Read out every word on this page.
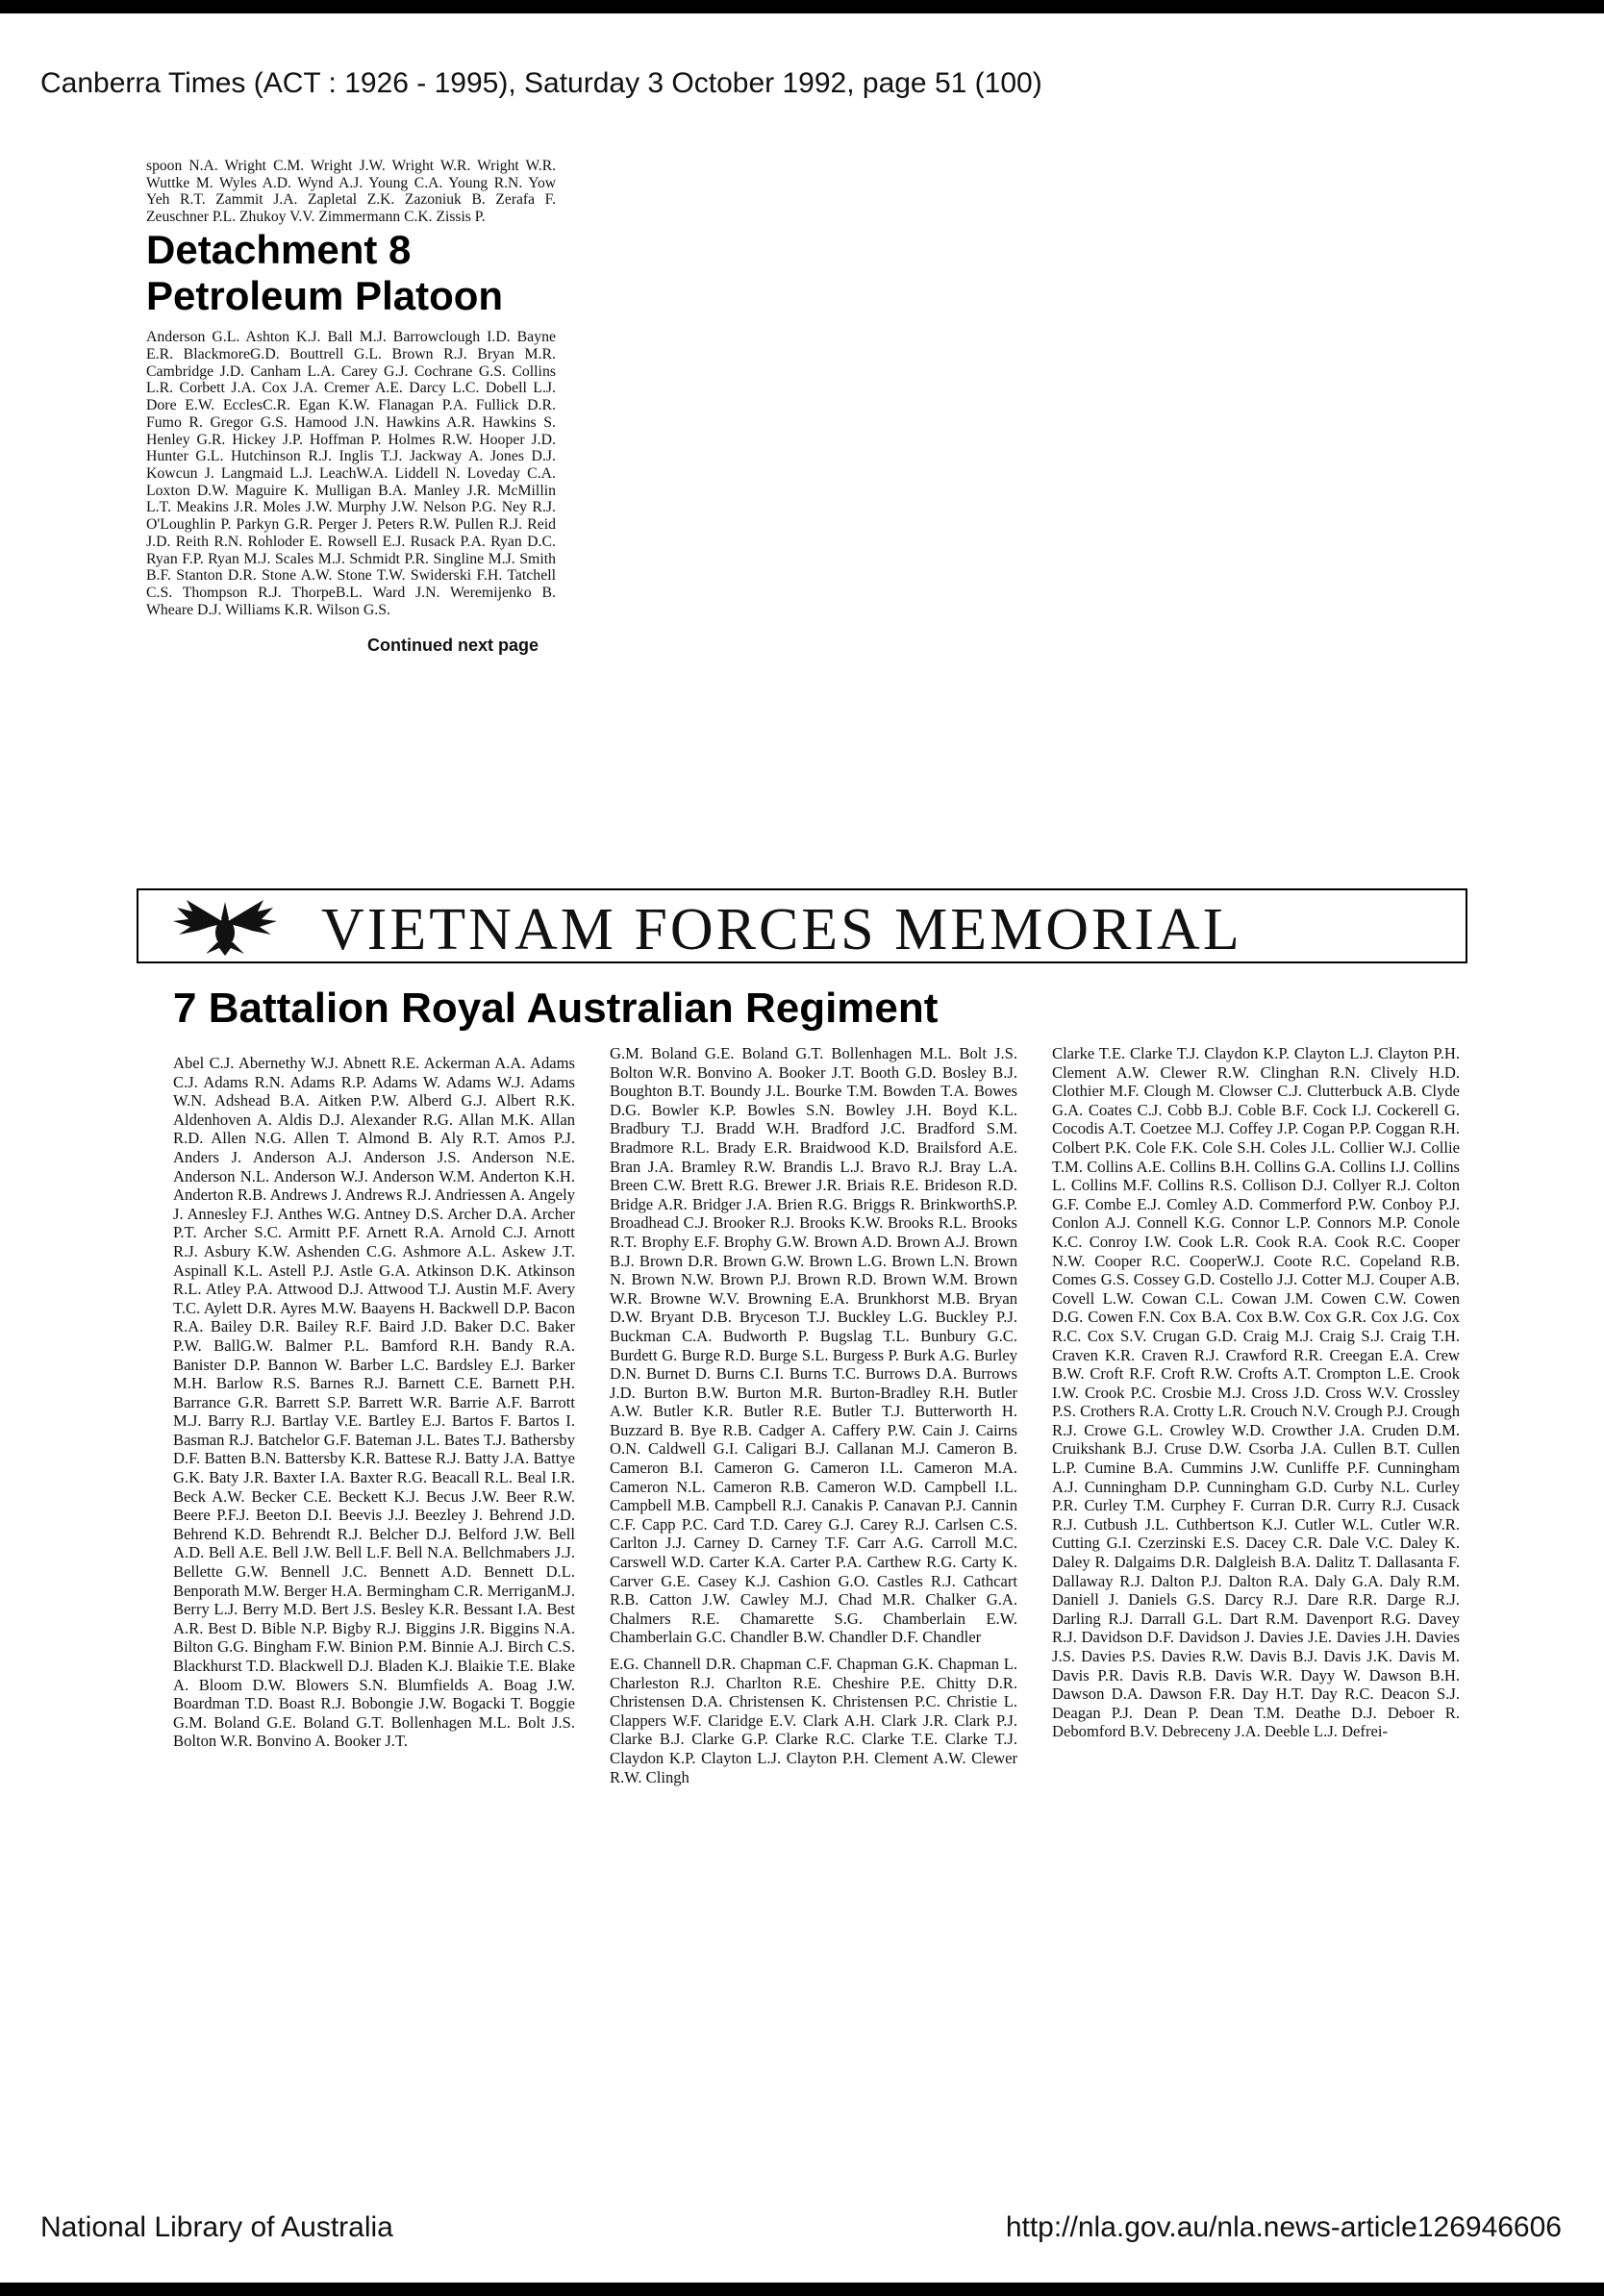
Canberra Times (ACT : 1926 - 1995), Saturday 3 October 1992, page 51 (100)

spoon N.A. Wright C.M. Wright J.W. Wright W.R. Wright W.R. Wuttke M. Wyles A.D. Wynd A.J. Young C.A. Young R.N. Yow Yeh R.T. Zammit J.A. Zapletal Z.K. Zazoniuk B. Zerafa F. Zeuschner P.L. Zhukoy V.V. Zimmermann C.K. Zissis P.

Detachment 8 Petroleum Platoon

Anderson G.L. Ashton K.J. Ball M.J. Barrowclough I.D. Bayne E.R. BlackmoreG.D. Bouttrell G.L. Brown R.J. Bryan M.R. Cambridge J.D. Canham L.A. Carey G.J. Cochrane G.S. Collins L.R. Corbett J.A. Cox J.A. Cremer A.E. Darcy L.C. Dobell L.J. Dore E.W. EcclesC.R. Egan K.W. Flanagan P.A. Fullick D.R. Fumo R. Gregor G.S. Hamood J.N. Hawkins A.R. Hawkins S. Henley G.R. Hickey J.P. Hoffman P. Holmes R.W. Hooper J.D. Hunter G.L. Hutchinson R.J. Inglis T.J. Jackway A. Jones D.J. Kowcun J. Langmaid L.J. LeachW.A. Liddell N. Loveday C.A. Loxton D.W. Maguire K. Mulligan B.A. Manley J.R. McMillin L.T. Meakins J.R. Moles J.W. Murphy J.W. Nelson P.G. Ney R.J. O'Loughlin P. Parkyn G.R. Perger J. Peters R.W. Pullen R.J. Reid J.D. Reith R.N. Rohloder E. Rowsell E.J. Rusack P.A. Ryan D.C. Ryan F.P. Ryan M.J. Scales M.J. Schmidt P.R. Singline M.J. Smith B.F. Stanton D.R. Stone A.W. Stone T.W. Swiderski F.H. Tatchell C.S. Thompson R.J. ThorpeB.L. Ward J.N. Weremijenko B. Wheare D.J. Williams K.R. Wilson G.S.

Continued next page
VIETNAM FORCES MEMORIAL
7 Battalion Royal Australian Regiment

Abel C.J. Abernethy W.J. Abnett R.E. Ackerman A.A. Adams C.J. Adams R.N. Adams R.P. Adams W. Adams W.J. Adams W.N. Adshead B.A. Aitken P.W. Alberd G.J. Albert R.K. Aldenhoven A. Aldis D.J. Alexander R.G. Allan M.K. Allan R.D. Allen N.G. Allen T. Almond B. Aly R.T. Amos P.J. Anders J. Anderson A.J. Anderson J.S. Anderson N.E. Anderson N.L. Anderson W.J. Anderson W.M. Anderton K.H. Anderton R.B. Andrews J. Andrews R.J. Andriessen A. Angely J. Annesley F.J. Anthes W.G. Antney D.S. Archer D.A. Archer P.T. Archer S.C. Armitt P.F. Arnett R.A. Arnold C.J. Arnott R.J. Asbury K.W. Ashenden C.G. Ashmore A.L. Askew J.T. Aspinall K.L. Astell P.J. Astle G.A. Atkinson D.K. Atkinson R.L. Atley P.A. Attwood D.J. Attwood T.J. Austin M.F. Avery T.C. Aylett D.R. Ayres M.W. Baayens H. Backwell D.P. Bacon R.A. Bailey D.R. Bailey R.F. Baird J.D. Baker D.C. Baker P.W. BallG.W. Balmer P.L. Bamford R.H. Bandy R.A. Banister D.P. Bannon W. Barber L.C. Bardsley E.J. Barker M.H. Barlow R.S. Barnes R.J. Barnett C.E. Barnett P.H. Barrance G.R. Barrett S.P. Barrett W.R. Barrie A.F. Barrott M.J. Barry R.J. Bartlay V.E. Bartley E.J. Bartos F. Bartos I. Basman R.J. Batchelor G.F. Bateman J.L. Bates T.J. Bathersby D.F. Batten B.N. Battersby K.R. Battese R.J. Batty J.A. Battye G.K. Baty J.R. Baxter I.A. Baxter R.G. Beacall R.L. Beal I.R. Beck A.W. Becker C.E. Beckett K.J. Becus J.W. Beer R.W. Beere P.F.J. Beeton D.I. Beevis J.J. Beezley J. Behrend J.D. Behrend K.D. Behrendt R.J. Belcher D.J. Belford J.W. Bell A.D. Bell A.E. Bell J.W. Bell L.F. Bell N.A. Bellchmabers J.J. Bellette G.W. Bennell J.C. Bennett A.D. Bennett D.L. Benporath M.W. Berger H.A. Bermingham C.R. MerriganM.J. Berry L.J. Berry M.D. Bert J.S. Besley K.R. Bessant I.A. Best A.R. Best D. Bible N.P. Bigby R.J. Biggins J.R. Biggins N.A. Bilton G.G. Bingham F.W. Binion P.M. Binnie A.J. Birch C.S. Blackhurst T.D. Blackwell D.J. Bladen K.J. Blaikie T.E. Blake A. Bloom D.W. Blowers S.N. Blumfields A. Boag J.W. Boardman T.D. Boast R.J. Bobongie J.W. Bogacki T. Boggie G.M. Boland G.E. Boland G.T. Bollenhagen M.L. Bolt J.S. Bolton W.R. Bonvino A. Booker J.T.

G.M. Boland G.E. Boland G.T. Bollenhagen M.L. Bolt J.S. Bolton W.R. Bonvino A. Booker J.T. Booth G.D. Bosley B.J. Boughton B.T. Boundy J.L. Bourke T.M. Bowden T.A. Bowes D.G. Bowler K.P. Bowles S.N. Bowley J.H. Boyd K.L. Bradbury T.J. Bradd W.H. Bradford J.C. Bradford S.M. Bradmore R.L. Brady E.R. Braidwood K.D. Brailsford A.E. Bran J.A. Bramley R.W. Brandis L.J. Bravo R.J. Bray L.A. Breen C.W. Brett R.G. Brewer J.R. Briais R.E. Brideson R.D. Bridge A.R. Bridger J.A. Brien R.G. Briggs R. BrinkworthS.P. Broadhead C.J. Brooker R.J. Brooks K.W. Brooks R.L. Brooks R.T. Brophy E.F. Brophy G.W. Brown A.D. Brown A.J. Brown B.J. Brown D.R. Brown G.W. Brown L.G. Brown L.N. Brown N. Brown N.W. Brown P.J. Brown R.D. Brown W.M. Brown W.R. Browne W.V. Browning E.A. Brunkhorst M.B. Bryan D.W. Bryant D.B. Bryceson T.J. Buckley L.G. Buckley P.J. Buckman C.A. Budworth P. Bugslag T.L. Bunbury G.C. Burdett G. Burge R.D. Burge S.L. Burgess P. Burk A.G. Burley D.N. Burnet D. Burns C.I. Burns T.C. Burrows D.A. Burrows J.D. Burton B.W. Burton M.R. Burton-Bradley R.H. Butler A.W. Butler K.R. Butler R.E. Butler T.J. Butterworth H. Buzzard B. Bye R.B. Cadger A. Caffery P.W. Cain J. Cairns O.N. Caldwell G.I. Caligari B.J. Callanan M.J. Cameron B. Cameron B.I. Cameron G. Cameron I.L. Cameron M.A. Cameron N.L. Cameron R.B. Cameron W.D. Campbell I.L. Campbell M.B. Campbell R.J. Canakis P. Canavan P.J. Cannin C.F. Capp P.C. Card T.D. Carey G.J. Carey R.J. Carlsen C.S. Carlton J.J. Carney D. Carney T.F. Carr A.G. Carroll M.C. Carswell W.D. Carter K.A. Carter P.A. Carthew R.G. Carty K. Carver G.E. Casey K.J. Cashion G.O. Castles R.J. Cathcart R.B. Catton J.W. Cawley M.J. Chad M.R. Chalker G.A. Chalmers R.E. Chamarette S.G. Chamberlain E.W. Chamberlain G.C. Chandler B.W. Chandler D.F. Chandler

E.G. Channell D.R. Chapman C.F. Chapman G.K. Chapman L. Charleston R.J. Charlton R.E. Cheshire P.E. Chitty D.R. Christensen D.A. Christensen K. Christensen P.C. Christie L. Clappers W.F. Claridge E.V. Clark A.H. Clark J.R. Clark P.J. Clarke B.J. Clarke G.P. Clarke R.C. Clarke T.E. Clarke T.J. Claydon K.P. Clayton L.J. Clayton P.H. Clement A.W. Clewer R.W. Clingh

Clarke T.E. Clarke T.J. Claydon K.P. Clayton L.J. Clayton P.H. Clement A.W. Clewer R.W. Clinghan R.N. Clively H.D. Clothier M.F. Clough M. Clowser C.J. Clutterbuck A.B. Clyde G.A. Coates C.J. Cobb B.J. Coble B.F. Cock I.J. Cockerell G. Cocodis A.T. Coetzee M.J. Coffey J.P. Cogan P.P. Coggan R.H. Colbert P.K. Cole F.K. Cole S.H. Coles J.L. Collier W.J. Collie T.M. Collins A.E. Collins B.H. Collins G.A. Collins I.J. Collins L. Collins M.F. Collins R.S. Collison D.J. Collyer R.J. Colton G.F. Combe E.J. Comley A.D. Commerford P.W. Conboy P.J. Conlon A.J. Connell K.G. Connor L.P. Connors M.P. Conole K.C. Conroy I.W. Cook L.R. Cook R.A. Cook R.C. Cooper N.W. Cooper R.C. CooperW.J. Coote R.C. Copeland R.B. Comes G.S. Cossey G.D. Costello J.J. Cotter M.J. Couper A.B. Covell L.W. Cowan C.L. Cowan J.M. Cowen C.W. Cowen D.G. Cowen F.N. Cox B.A. Cox B.W. Cox G.R. Cox J.G. Cox R.C. Cox S.V. Crugan G.D. Craig M.J. Craig S.J. Craig T.H. Craven K.R. Craven R.J. Crawford R.R. Creegan E.A. Crew B.W. Croft R.F. Croft R.W. Crofts A.T. Crompton L.E. Crook I.W. Crook P.C. Crosbie M.J. Cross J.D. Cross W.V. Crossley P.S. Crothers R.A. Crotty L.R. Crouch N.V. Crough P.J. Crough R.J. Crowe G.L. Crowley W.D. Crowther J.A. Cruden D.M. Cruikshank B.J. Cruse D.W. Csorba J.A. Cullen B.T. Cullen L.P. Cumine B.A. Cummins J.W. Cunliffe P.F. Cunningham A.J. Cunningham D.P. Cunningham G.D. Curby N.L. Curley P.R. Curley T.M. Curphey F. Curran D.R. Curry R.J. Cusack R.J. Cutbush J.L. Cuthbertson K.J. Cutler W.L. Cutler W.R. Cutting G.I. Czerzinski E.S. Dacey C.R. Dale V.C. Daley K. Daley R. Dalgaims D.R. Dalgleish B.A. Dalitz T. Dallasanta F. Dallaway R.J. Dalton P.J. Dalton R.A. Daly G.A. Daly R.M. Daniell J. Daniels G.S. Darcy R.J. Dare R.R. Darge R.J. Darling R.J. Darrall G.L. Dart R.M. Davenport R.G. Davey R.J. Davidson D.F. Davidson J. Davies J.E. Davies J.H. Davies J.S. Davies P.S. Davies R.W. Davis B.J. Davis J.K. Davis M. Davis P.R. Davis R.B. Davis W.R. Dayy W. Dawson B.H. Dawson D.A. Dawson F.R. Day H.T. Day R.C. Deacon S.J. Deagan P.J. Dean P. Dean T.M. Deathe D.J. Deboer R. Debomford B.V. Debreceny J.A. Deeble L.J. Defrei-

National Library of Australia	http://nla.gov.au/nla.news-article126946606
